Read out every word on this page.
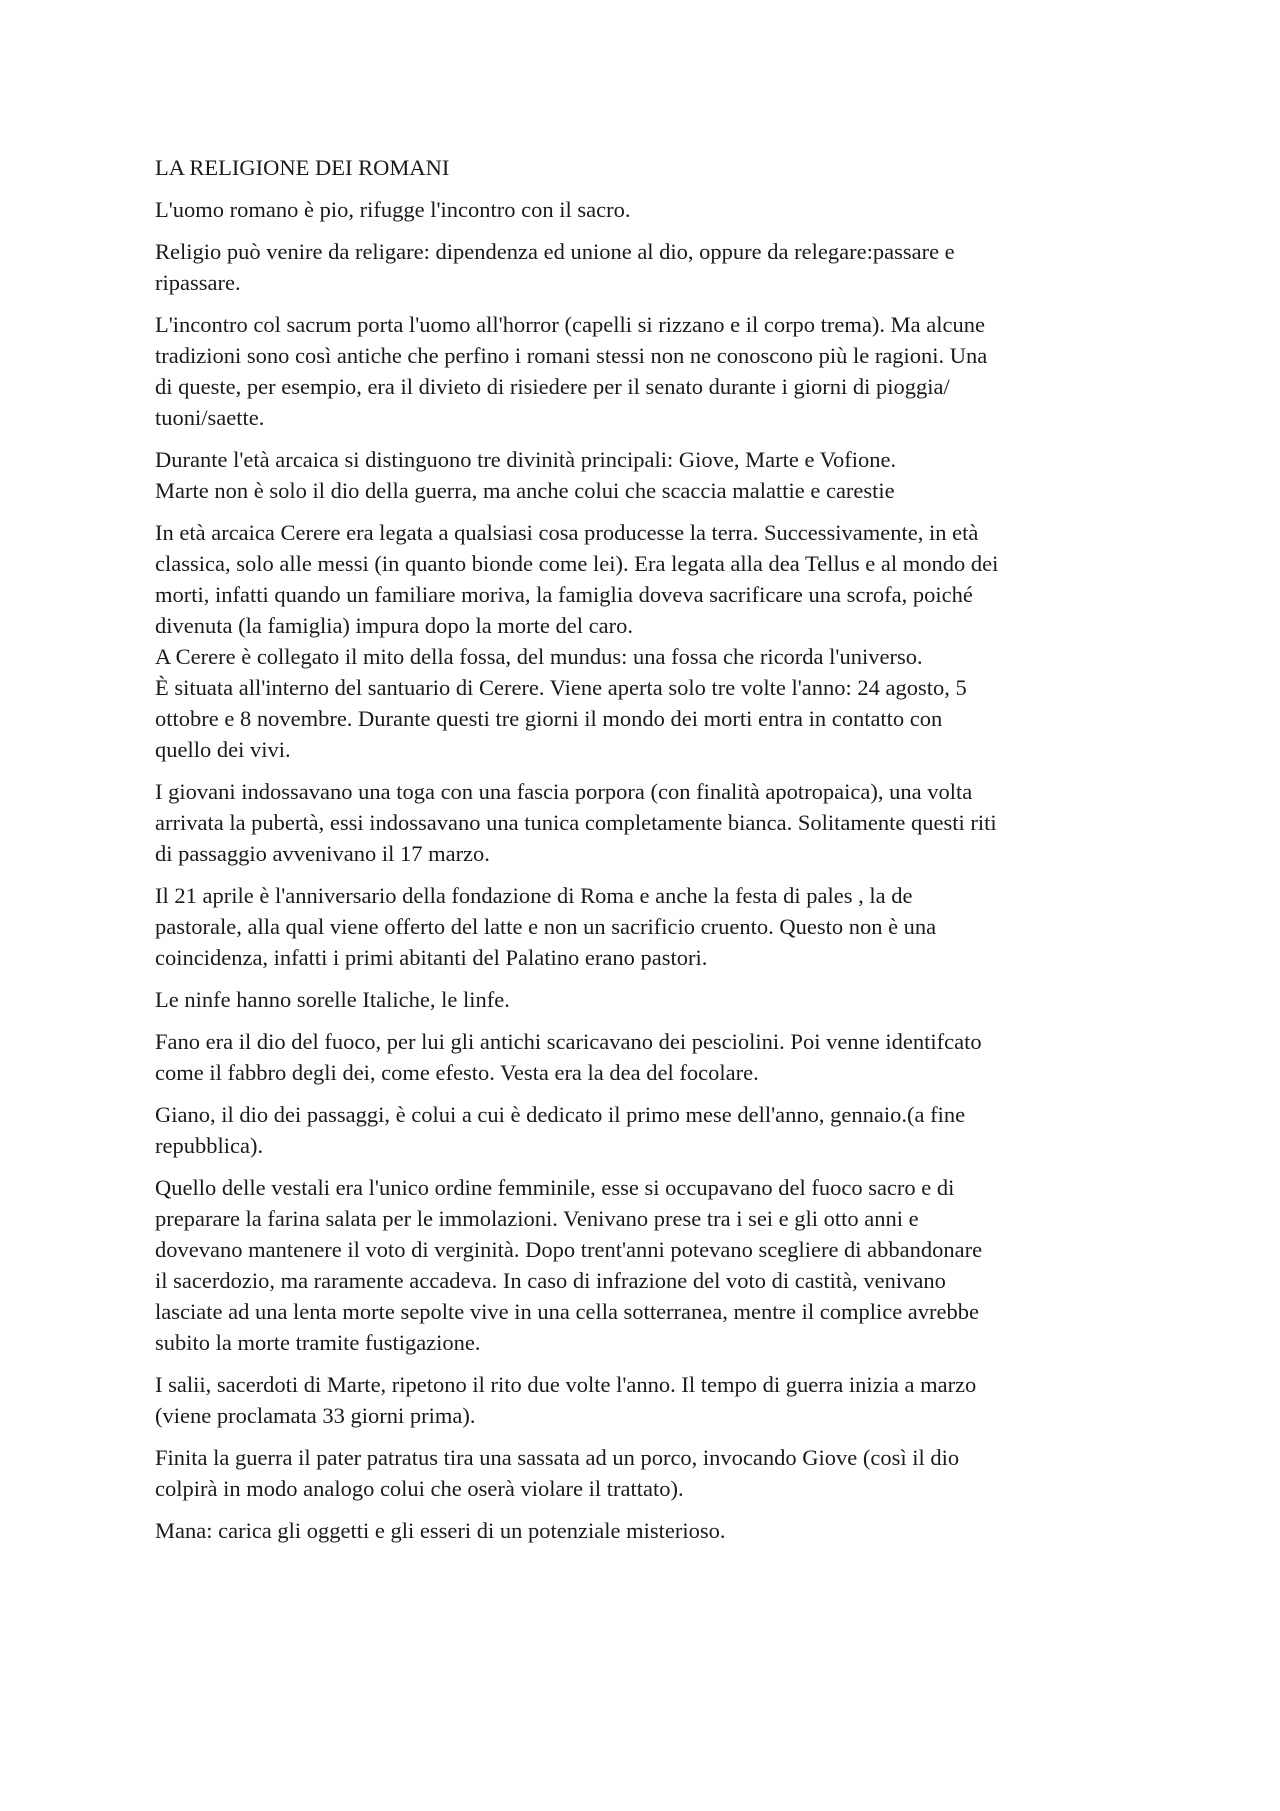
LA RELIGIONE DEI ROMANI

L'uomo romano è pio, rifugge l'incontro con il sacro.

Religio può venire da religare: dipendenza ed unione al dio, oppure da relegare:passare e
ripassare.

L'incontro col sacrum porta l'uomo all'horror (capelli si rizzano e il corpo trema). Ma alcune
tradizioni sono così antiche che perfino i romani stessi non ne conoscono più le ragioni. Una
di queste, per esempio, era il divieto di risiedere per il senato durante i giorni di pioggia/
tuoni/saette.

Durante l'età arcaica si distinguono tre divinità principali: Giove, Marte e Vofione.
Marte non è solo il dio della guerra, ma anche colui che scaccia malattie e carestie

In età arcaica Cerere era legata a qualsiasi cosa producesse la terra. Successivamente, in età
classica, solo alle messi (in quanto bionde come lei). Era legata alla dea Tellus e al mondo dei
morti, infatti quando un familiare moriva, la famiglia doveva sacrificare una scrofa, poiché
divenuta (la famiglia) impura dopo la morte del caro.
A Cerere è collegato il mito della fossa, del mundus: una fossa che ricorda l'universo.
È situata all'interno del santuario di Cerere. Viene aperta solo tre volte l'anno: 24 agosto, 5
ottobre e 8 novembre. Durante questi tre giorni il mondo dei morti entra in contatto con
quello dei vivi.

I giovani indossavano una toga con una fascia porpora (con finalità apotropaica), una volta
arrivata la pubertà, essi indossavano una tunica completamente bianca. Solitamente questi riti
di passaggio avvenivano il 17 marzo.

Il 21 aprile è l'anniversario della fondazione di Roma e anche la festa di pales , la de
pastorale, alla qual viene offerto del latte e non un sacrificio cruento. Questo non è una
coincidenza, infatti i primi abitanti del Palatino erano pastori.

Le ninfe hanno sorelle Italiche, le linfe.

Fano era il dio del fuoco, per lui gli antichi scaricavano dei pesciolini. Poi venne identifcato
come il fabbro degli dei, come efesto. Vesta era la dea del focolare.

Giano, il dio dei passaggi, è colui a cui è dedicato il primo mese dell'anno, gennaio.(a fine
repubblica).

Quello delle vestali era l'unico ordine femminile, esse si occupavano del fuoco sacro e di
preparare la farina salata per le immolazioni. Venivano prese tra i sei e gli otto anni e
dovevano mantenere il voto di verginità. Dopo trent'anni potevano scegliere di abbandonare
il sacerdozio, ma raramente accadeva. In caso di infrazione del voto di castità, venivano
lasciate ad una lenta morte sepolte vive in una cella sotterranea, mentre il complice avrebbe
subito la morte tramite fustigazione.

I salii, sacerdoti di Marte, ripetono il rito due volte l'anno. Il tempo di guerra inizia a marzo
(viene proclamata 33 giorni prima).

Finita la guerra il pater patratus tira una sassata ad un porco, invocando Giove (così il dio
colpirà in modo analogo colui che oserà violare il trattato).

Mana: carica gli oggetti e gli esseri di un potenziale misterioso.
